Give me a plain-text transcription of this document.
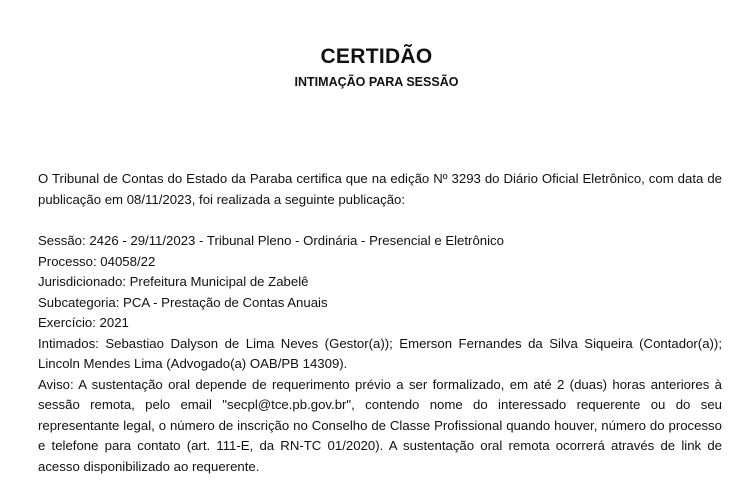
CERTIDÃO
INTIMAÇÃO PARA SESSÃO

O Tribunal de Contas do Estado da Paraba certifica que na edição Nº 3293 do Diário Oficial Eletrônico, com data de publicação em 08/11/2023, foi realizada a seguinte publicação:

Sessão: 2426 - 29/11/2023 - Tribunal Pleno - Ordinária - Presencial e Eletrônico

Processo: 04058/22

Jurisdicionado: Prefeitura Municipal de Zabelê

Subcategoria: PCA - Prestação de Contas Anuais

Exercício: 2021

Intimados: Sebastiao Dalyson de Lima Neves (Gestor(a)); Emerson Fernandes da Silva Siqueira (Contador(a)); Lincoln Mendes Lima (Advogado(a) OAB/PB 14309).

Aviso: A sustentação oral depende de requerimento prévio a ser formalizado, em até 2 (duas) horas anteriores à sessão remota, pelo email "secpl@tce.pb.gov.br", contendo nome do interessado requerente ou do seu representante legal, o número de inscrição no Conselho de Classe Profissional quando houver, número do processo e telefone para contato (art. 111-E, da RN-TC 01/2020). A sustentação oral remota ocorrerá através de link de acesso disponibilizado ao requerente.
